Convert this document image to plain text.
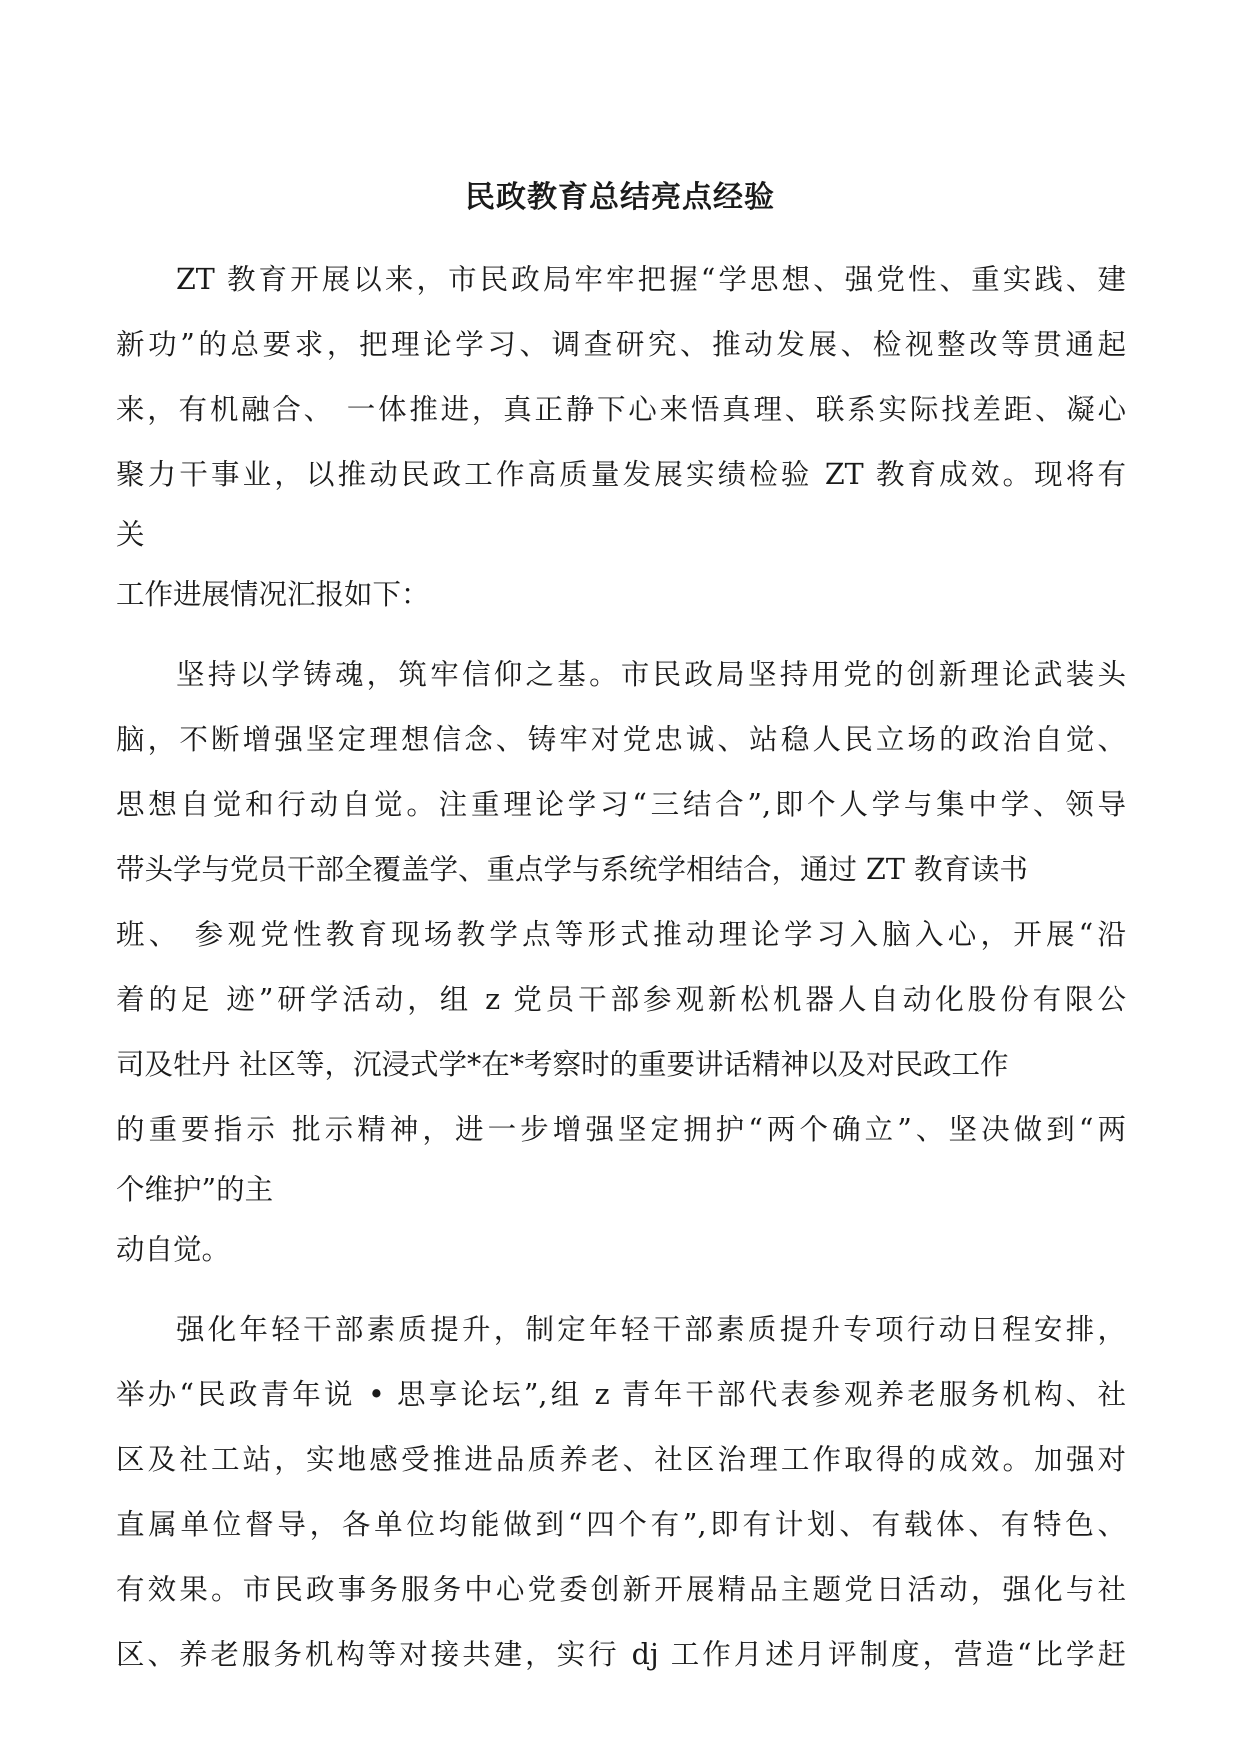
民政教育总结亮点经验
ZT 教育开展以来，市民政局牢牢把握“学思想、强党性、重实践、建
新功”的总要求，把理论学习、调查研究、推动发展、检视整改等贯通起
来，有机融合、 一体推进，真正静下心来悟真理、联系实际找差距、凝心
聚力干事业，以推动民政工作高质量发展实绩检验 ZT 教育成效。现将有
关
工作进展情况汇报如下：
坚持以学铸魂，筑牢信仰之基。市民政局坚持用党的创新理论武装头
脑，不断增强坚定理想信念、铸牢对党忠诚、站稳人民立场的政治自觉、
思想自觉和行动自觉。注重理论学习“三结合”,即个人学与集中学、领导
带头学与党员干部全覆盖学、重点学与系统学相结合，通过 ZT 教育读书
班、 参观党性教育现场教学点等形式推动理论学习入脑入心，开展“沿
着的足 迹”研学活动，组 z 党员干部参观新松机器人自动化股份有限公
司及牡丹 社区等，沉浸式学*在*考察时的重要讲话精神以及对民政工作
的重要指示 批示精神，进一步增强坚定拥护“两个确立”、坚决做到“两
个维护”的主
动自觉。
强化年轻干部素质提升，制定年轻干部素质提升专项行动日程安排，
举办“民政青年说 • 思享论坛”,组 z 青年干部代表参观养老服务机构、社
区及社工站，实地感受推进品质养老、社区治理工作取得的成效。加强对
直属单位督导，各单位均能做到“四个有”,即有计划、有载体、有特色、
有效果。市民政事务服务中心党委创新开展精品主题党日活动，强化与社
区、养老服务机构等对接共建，实行 dj 工作月述月评制度，营造“比学赶
